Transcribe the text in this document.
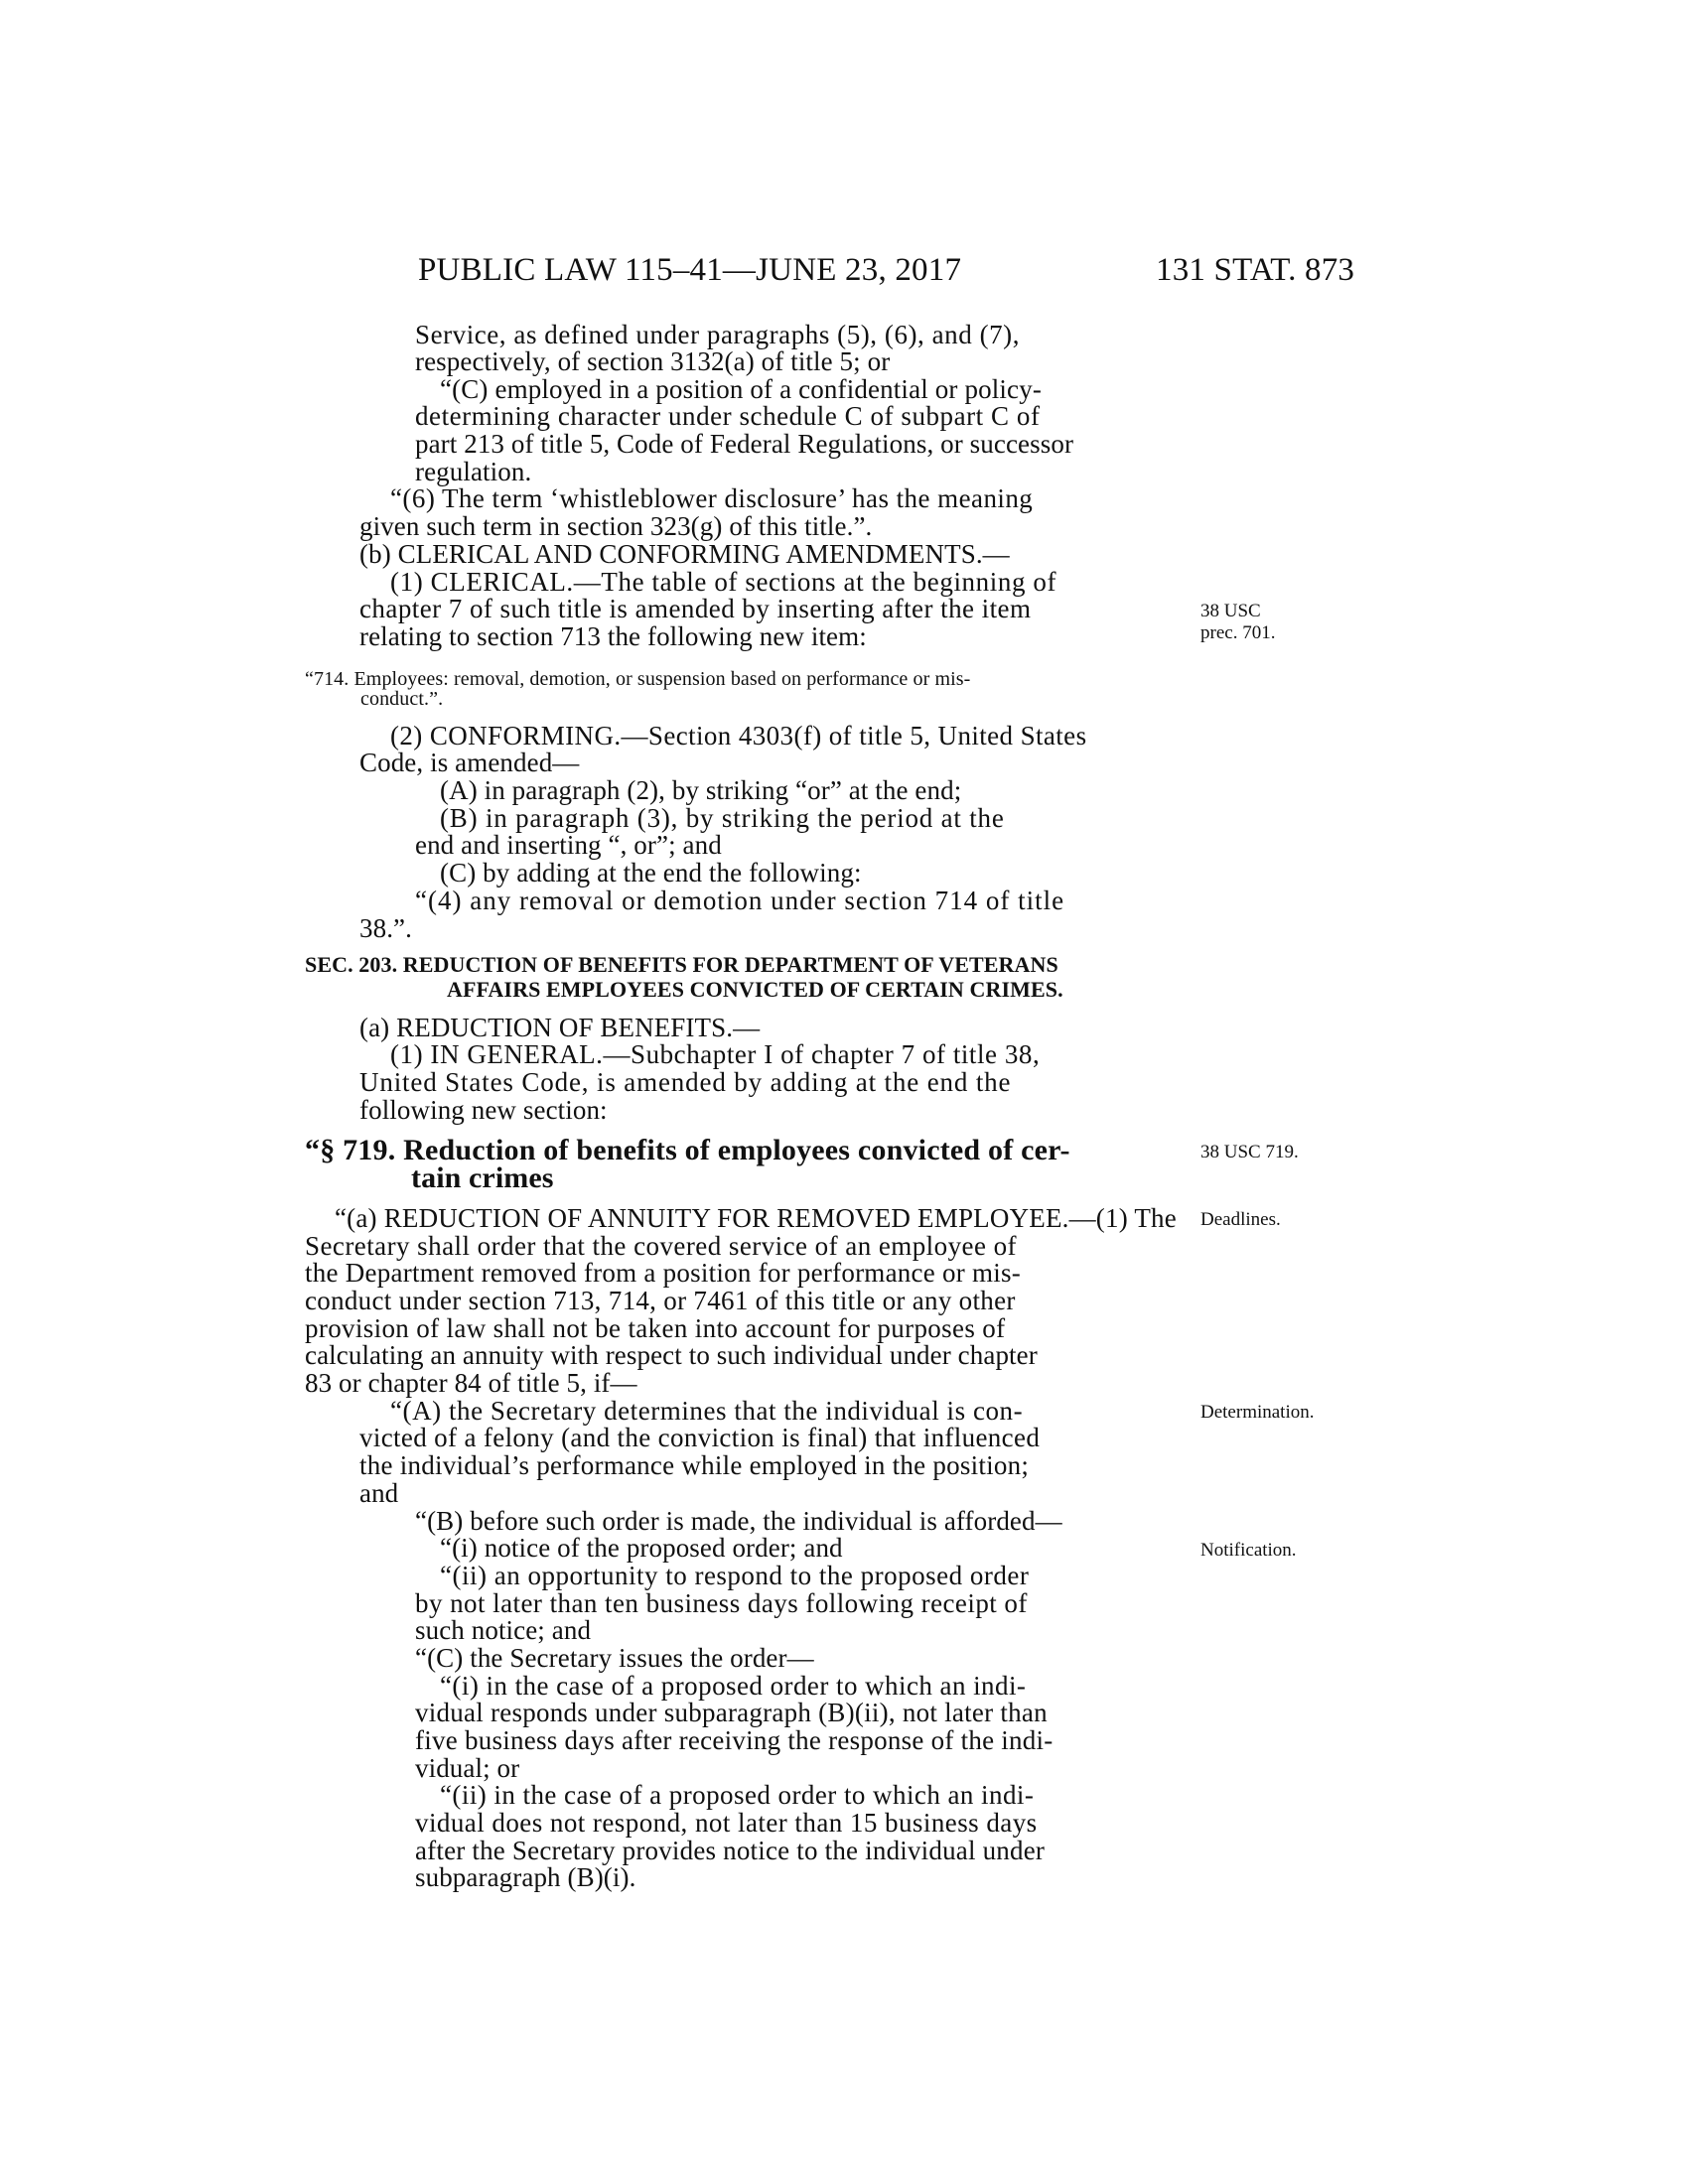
PUBLIC LAW 115–41—JUNE 23, 2017	131 STAT. 873
Service, as defined under paragraphs (5), (6), and (7),
respectively, of section 3132(a) of title 5; or
“(C) employed in a position of a confidential or policy-
determining character under schedule C of subpart C of
part 213 of title 5, Code of Federal Regulations, or successor
regulation.
“(6) The term ‘whistleblower disclosure’ has the meaning
given such term in section 323(g) of this title.”.
(b) CLERICAL AND CONFORMING AMENDMENTS.—
(1) CLERICAL.—The table of sections at the beginning of
chapter 7 of such title is amended by inserting after the item
relating to section 713 the following new item:
“714. Employees: removal, demotion, or suspension based on performance or mis-
conduct.”.
(2) CONFORMING.—Section 4303(f) of title 5, United States
Code, is amended—
(A) in paragraph (2), by striking “or” at the end;
(B) in paragraph (3), by striking the period at the
end and inserting “, or”; and
(C) by adding at the end the following:
“(4) any removal or demotion under section 714 of title
38.”.
SEC. 203. REDUCTION OF BENEFITS FOR DEPARTMENT OF VETERANS
AFFAIRS EMPLOYEES CONVICTED OF CERTAIN CRIMES.
(a) REDUCTION OF BENEFITS.—
(1) IN GENERAL.—Subchapter I of chapter 7 of title 38,
United States Code, is amended by adding at the end the
following new section:
“§ 719. Reduction of benefits of employees convicted of cer-
tain crimes
“(a) REDUCTION OF ANNUITY FOR REMOVED EMPLOYEE.—(1) The
Secretary shall order that the covered service of an employee of
the Department removed from a position for performance or mis-
conduct under section 713, 714, or 7461 of this title or any other
provision of law shall not be taken into account for purposes of
calculating an annuity with respect to such individual under chapter
83 or chapter 84 of title 5, if—
“(A) the Secretary determines that the individual is con-
victed of a felony (and the conviction is final) that influenced
the individual’s performance while employed in the position;
and
“(B) before such order is made, the individual is afforded—
“(i) notice of the proposed order; and
“(ii) an opportunity to respond to the proposed order
by not later than ten business days following receipt of
such notice; and
“(C) the Secretary issues the order—
“(i) in the case of a proposed order to which an indi-
vidual responds under subparagraph (B)(ii), not later than
five business days after receiving the response of the indi-
vidual; or
“(ii) in the case of a proposed order to which an indi-
vidual does not respond, not later than 15 business days
after the Secretary provides notice to the individual under
subparagraph (B)(i).
38 USC
prec. 701.
38 USC 719.
Deadlines.
Determination.
Notification.
